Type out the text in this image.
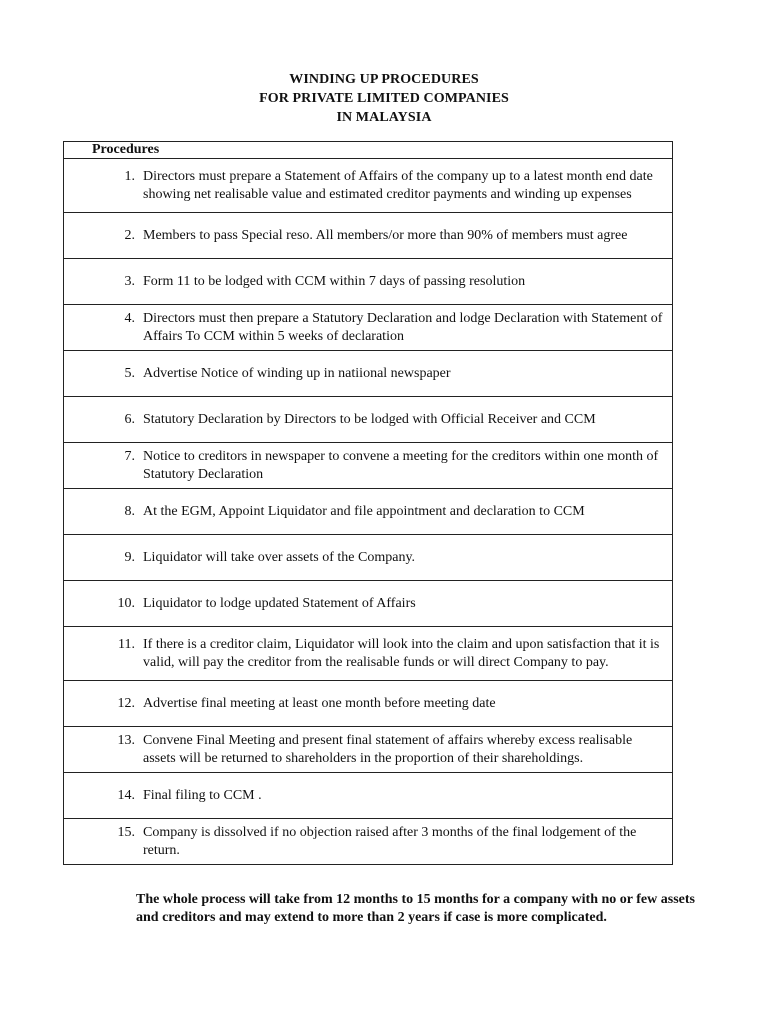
WINDING UP PROCEDURES
FOR PRIVATE LIMITED COMPANIES
IN MALAYSIA
Procedures

1. Directors must prepare a Statement of Affairs of the company up to a latest month end date showing net realisable value and estimated creditor payments and winding up expenses

2. Members to pass Special reso. All members/or more than 90% of members must agree

3. Form 11 to be lodged with CCM within 7 days of passing resolution

4. Directors must then prepare a Statutory Declaration and lodge Declaration with Statement of Affairs To CCM within 5 weeks of declaration

5. Advertise Notice of winding up in natiional newspaper

6. Statutory Declaration by Directors to be lodged with Official Receiver and CCM

7. Notice to creditors in newspaper to convene a meeting for the creditors within one month of Statutory Declaration

8. At the EGM, Appoint Liquidator and file appointment and declaration to CCM

9. Liquidator will take over assets of the Company.

10. Liquidator to lodge updated Statement of Affairs

11. If there is a creditor claim, Liquidator will look into the claim and upon satisfaction that it is valid, will pay the creditor from the realisable funds or will direct Company to pay.

12. Advertise final meeting at least one month before meeting date

13. Convene Final Meeting and present final statement of affairs whereby excess realisable assets will be returned to shareholders in the proportion of their shareholdings.

14. Final filing to CCM .

15. Company is dissolved if no objection raised after 3 months of the final lodgement of the return.
The whole process will take from 12 months to 15 months for a company with no or few assets and creditors and may extend to more than 2 years if case is more complicated.
